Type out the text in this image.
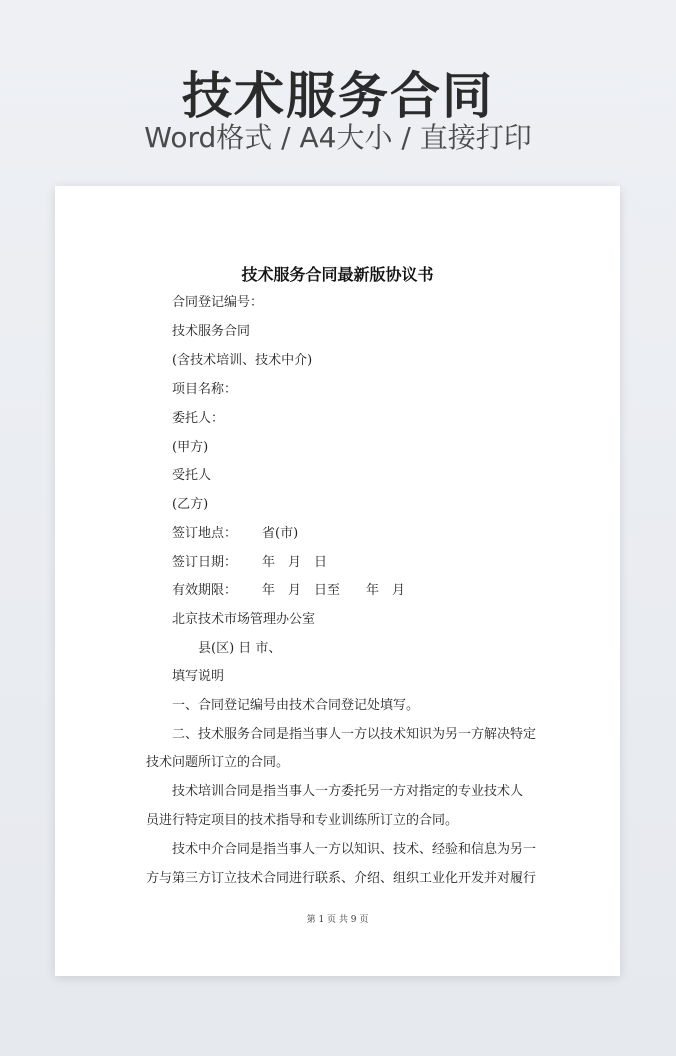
技术服务合同
Word格式 / A4大小 / 直接打印
技术服务合同最新版协议书
合同登记编号：
技术服务合同
(含技术培训、技术中介)
项目名称：
委托人：
(甲方)
受托人
(乙方)
签订地点： 省(市)
签订日期： 年 月 日
有效期限： 年 月 日至 年 月
北京技术市场管理办公室
县(区) 日 市、
填写说明
一、合同登记编号由技术合同登记处填写。
二、技术服务合同是指当事人一方以技术知识为另一方解决特定
技术问题所订立的合同。
技术培训合同是指当事人一方委托另一方对指定的专业技术人
员进行特定项目的技术指导和专业训练所订立的合同。
技术中介合同是指当事人一方以知识、技术、经验和信息为另一
方与第三方订立技术合同进行联系、介绍、组织工业化开发并对履行
第 1 页 共 9 页
